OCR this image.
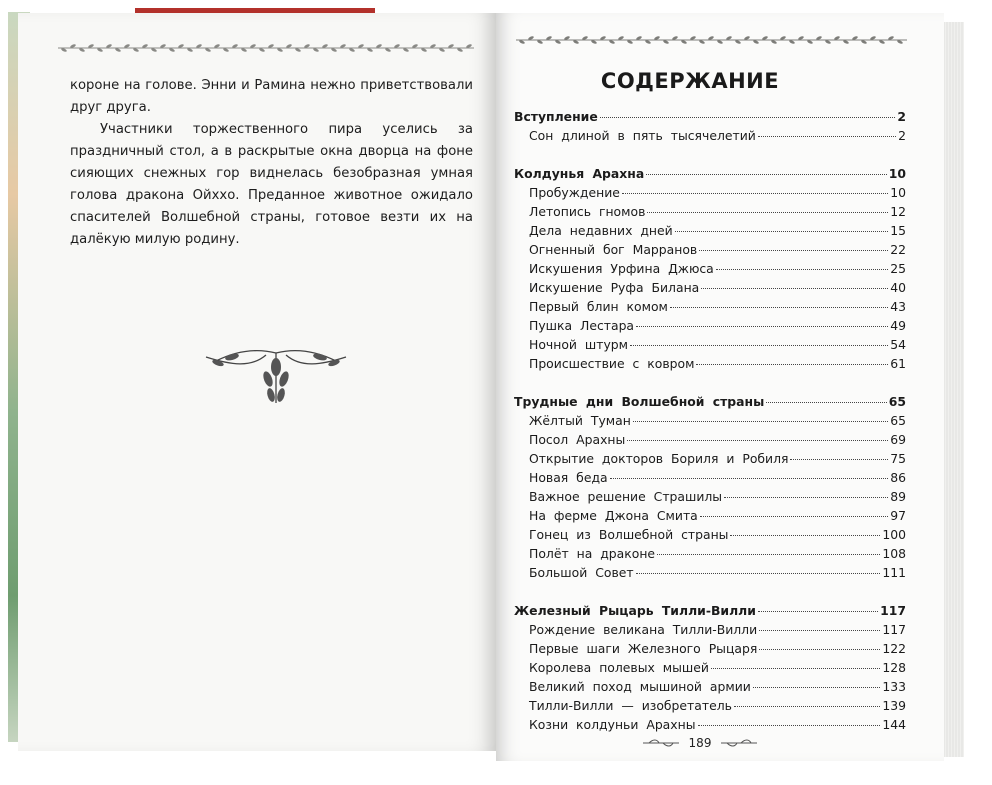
короне на голове. Энни и Рамина нежно приветствовали друг друга.

Участники торжественного пира уселись за праздничный стол, а в раскрытые окна дворца на фоне сияющих снежных гор виднелась безобразная умная голова дракона Ойххо. Преданное животное ожидало спасителей Волшебной страны, готовое везти их на далёкую милую родину.

СОДЕРЖАНИЕ
Вступление	2
Сон длиной в пять тысячелетий	2
Колдунья Арахна	10
Пробуждение	10
Летопись гномов	12
Дела недавних дней	15
Огненный бог Марранов	22
Искушения Урфина Джюса	25
Искушение Руфа Билана	40
Первый блин комом	43
Пушка Лестара	49
Ночной штурм	54
Происшествие с ковром	61
Трудные дни Волшебной страны	65
Жёлтый Туман	65
Посол Арахны	69
Открытие докторов Бориля и Робиля	75
Новая беда	86
Важное решение Страшилы	89
На ферме Джона Смита	97
Гонец из Волшебной страны	100
Полёт на драконе	108
Большой Совет	111
Железный Рыцарь Тилли-Вилли	117
Рождение великана Тилли-Вилли	117
Первые шаги Железного Рыцаря	122
Королева полевых мышей	128
Великий поход мышиной армии	133
Тилли-Вилли — изобретатель	139
Козни колдуньи Арахны	144
189
